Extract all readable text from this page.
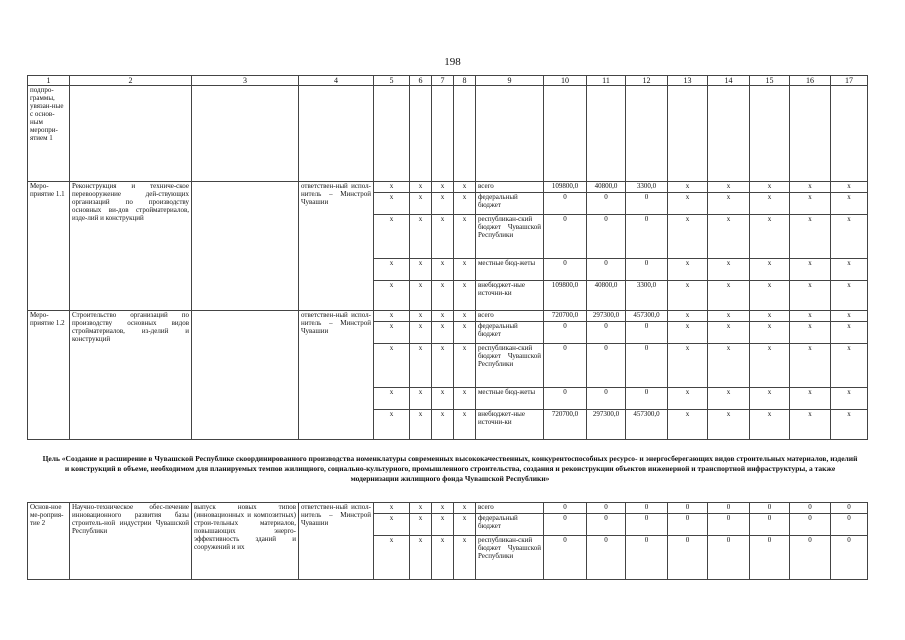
198
1	2	3	4	5	6	7	8	9	10	11	12	13	14	15	16	17
подпро-граммы, увязан-ные с основ-ным меропри-ятием 1																
Меро-приятие 1.1	Реконструкция и техниче-ское перевооружение дей-ствующих организаций по производству основных ви-дов стройматериалов, изде-лий и конструкций		ответствен-ный испол-нитель – Минстрой Чувашии	x	x	x	x	всего	109800,0	40800,0	3300,0	x	x	x	x	x
				x	x	x	x	федеральный бюджет	0	0	0	x	x	x	x	x
				x	x	x	x	республикан-ский бюджет Чувашской Республики	0	0	0	x	x	x	x	x
				x	x	x	x	местные бюд-жеты	0	0	0	x	x	x	x	x
				x	x	x	x	внебюджет-ные источни-ки	109800,0	40800,0	3300,0	x	x	x	x	x
Меро-приятие 1.2	Строительство организаций по производству основных видов стройматериалов, из-делий и конструкций		ответствен-ный испол-нитель – Минстрой Чувашии	x	x	x	x	всего	720700,0	297300,0	457300,0	x	x	x	x	x
				x	x	x	x	федеральный бюджет	0	0	0	x	x	x	x	x
				x	x	x	x	республикан-ский бюджет Чувашской Республики	0	0	0	x	x	x	x	x
				x	x	x	x	местные бюд-жеты	0	0	0	x	x	x	x	x
				x	x	x	x	внебюджет-ные источни-ки	720700,0	297300,0	457300,0	x	x	x	x	x
Цель «Создание и расширение в Чувашской Республике скоординированного производства номенклатуры современных высококачественных, конкурентоспособных ресурсо- и энергосберегающих видов строительных материалов, изделий и конструкций в объеме, необходимом для планируемых темпов жилищного, социально-культурного, промышленного строительства, создания и реконструкции объектов инженерной и транспортной инфраструктуры, а также модернизации жилищного фонда Чувашской Республики»
Основ-ное ме-роприя-тие 2	Научно-техническое обес-печение инновационного развития базы строитель-ной индустрии Чувашской Республики	выпуск новых типов (инновационных и композитных) строи-тельных материалов, повышающих энерго-эффективность зданий и сооружений и их	ответствен-ный испол-нитель – Минстрой Чувашии	x	x	x	x	всего	0	0	0	0	0	0	0	0
				x	x	x	x	федеральный бюджет	0	0	0	0	0	0	0	0
				x	x	x	x	республикан-ский бюджет Чувашской Республики	0	0	0	0	0	0	0	0
